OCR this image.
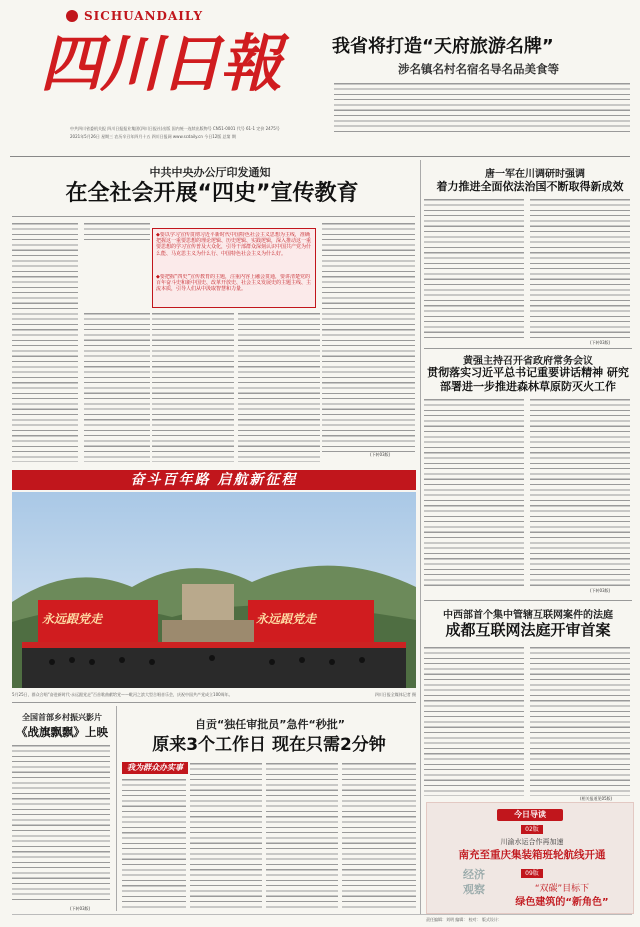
SICHUANDAILY
四川日報
中共四川省委机关报 四川日报报业集团(四川日报社)出版 国内统一连续出版物号 CN51-0001 代号 61-1 定价 2475号
2021年5月26日 星期三 农历辛丑年四月十五 四川日报网 www.scdaily.cn 今日12版 总第 期
我省将打造“天府旅游名牌”
涉名镇名村名宿名导名品美食等
中共中央办公厅印发通知
在全社会开展“四史”宣传教育
◆要以学习宣传贯彻习近平新时代中国特色社会主义思想为主线，准确把握这一重要思想的理论逻辑、历史逻辑、实践逻辑，深入推动这一重要思想的学习宣传普及大众化，引导干部群众深刻认识中国共产党为什么能、马克思主义为什么行、中国特色社会主义为什么好。
◆要把握“四史”宣传教育的主题，注重内容上融会贯通，要讲清楚党的百年奋斗史和新中国史、改革开放史、社会主义发展史的主题主线、主流本质，引导人们从中汲取智慧和力量。
(下转03版)
唐一军在川调研时强调
着力推进全面依法治国不断取得新成效
(下转03版)
黄强主持召开省政府常务会议
贯彻落实习近平总书记重要讲话精神 研究部署进一步推进森林草原防灭火工作
(下转03版)
中西部首个集中管辖互联网案件的法庭
成都互联网法庭开审首案
(相关报道见05版)
奋斗百年路 启航新征程
永远跟党走	永远跟党走
5月25日，群众合唱“奋进新时代·永远跟党走”百首歌曲献给党——毗河之滨大型合唱音乐会，庆祝中国共产党成立100周年。	四川日报全媒体记者 摄
全国首部乡村振兴影片
《战旗飘飘》上映
(下转03版)
自贡“独任审批员”急件“秒批”
原来3个工作日 现在只需2分钟
我为群众办实事
今日导读
02版
川渝水运合作再加速
南充至重庆集装箱班轮航线开通
经济观察
09版
“双碳”目标下
绿色建筑的“新角色”
责任编辑：刘明 编辑： 校对： 版式设计：
